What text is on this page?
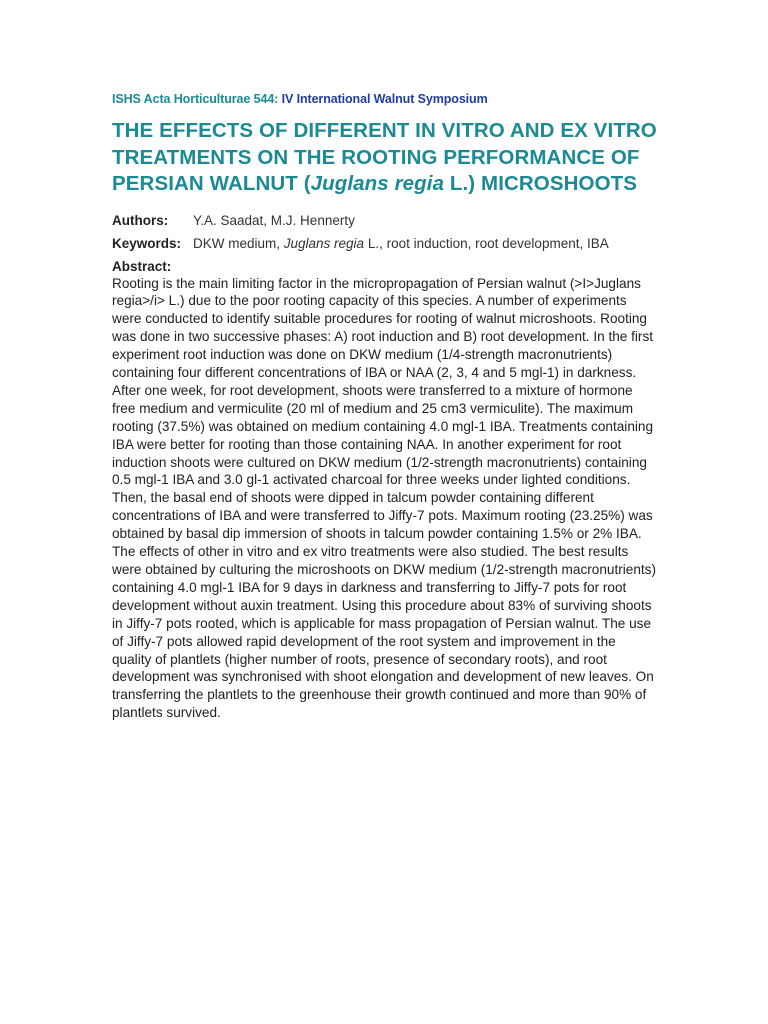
ISHS Acta Horticulturae 544: IV International Walnut Symposium
THE EFFECTS OF DIFFERENT IN VITRO AND EX VITRO TREATMENTS ON THE ROOTING PERFORMANCE OF PERSIAN WALNUT (Juglans regia L.) MICROSHOOTS
Authors:	Y.A. Saadat, M.J. Hennerty
Keywords: DKW medium, Juglans regia L., root induction, root development, IBA
Abstract:

Rooting is the main limiting factor in the micropropagation of Persian walnut (>I>Juglans regia>/i> L.) due to the poor rooting capacity of this species. A number of experiments were conducted to identify suitable procedures for rooting of walnut microshoots. Rooting was done in two successive phases: A) root induction and B) root development. In the first experiment root induction was done on DKW medium (1/4-strength macronutrients) containing four different concentrations of IBA or NAA (2, 3, 4 and 5 mgl-1) in darkness. After one week, for root development, shoots were transferred to a mixture of hormone free medium and vermiculite (20 ml of medium and 25 cm3 vermiculite). The maximum rooting (37.5%) was obtained on medium containing 4.0 mgl-1 IBA. Treatments containing IBA were better for rooting than those containing NAA. In another experiment for root induction shoots were cultured on DKW medium (1/2-strength macronutrients) containing 0.5 mgl-1 IBA and 3.0 gl-1 activated charcoal for three weeks under lighted conditions. Then, the basal end of shoots were dipped in talcum powder containing different concentrations of IBA and were transferred to Jiffy-7 pots. Maximum rooting (23.25%) was obtained by basal dip immersion of shoots in talcum powder containing 1.5% or 2% IBA. The effects of other in vitro and ex vitro treatments were also studied. The best results were obtained by culturing the microshoots on DKW medium (1/2-strength macronutrients) containing 4.0 mgl-1 IBA for 9 days in darkness and transferring to Jiffy-7 pots for root development without auxin treatment. Using this procedure about 83% of surviving shoots in Jiffy-7 pots rooted, which is applicable for mass propagation of Persian walnut. The use of Jiffy-7 pots allowed rapid development of the root system and improvement in the quality of plantlets (higher number of roots, presence of secondary roots), and root development was synchronised with shoot elongation and development of new leaves. On transferring the plantlets to the greenhouse their growth continued and more than 90% of plantlets survived.
